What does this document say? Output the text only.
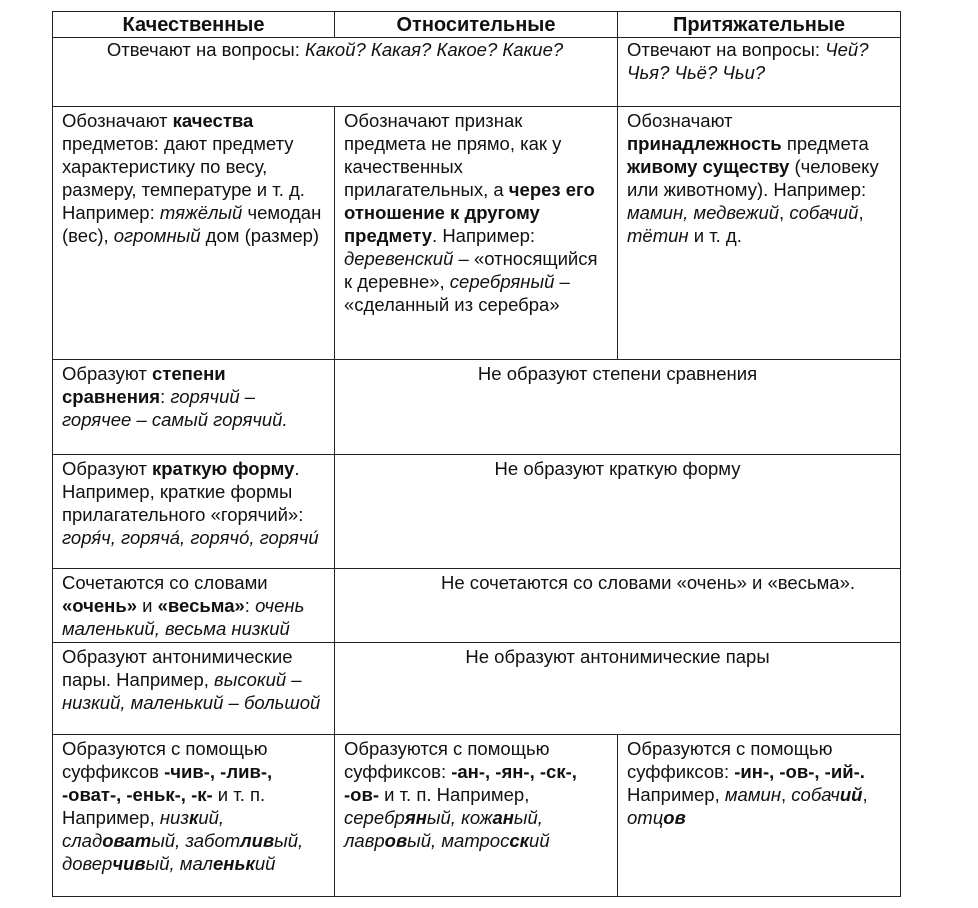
Качественные	Относительные	Притяжательные
Отвечают на вопросы: Какой? Какая? Какое? Какие?		Отвечают на вопросы: Чей? Чья? Чьё? Чьи?
Обозначают качества предметов: дают предмету характеристику по весу, размеру, температуре и т. д. Например: тяжёлый чемодан (вес), огромный дом (размер)	Обозначают признак предмета не прямо, как у качественных прилагательных, а через его отношение к другому предмету. Например: деревенский – «относящийся к деревне», серебряный – «сделанный из серебра»	Обозначают принадлежность предмета живому существу (человеку или животному). Например: мамин, медвежий, собачий, тётин и т. д.
Образуют степени сравнения: горячий – горячее – самый горячий.	Не образуют степени сравнения	
Образуют краткую форму. Например, краткие формы прилагательного «горячий»: горя́ч, горяча́, горячо́, горячи́	Не образуют краткую форму	
Сочетаются со словами «очень» и «весьма»: очень маленький, весьма низкий	Не сочетаются со словами «очень» и «весьма».	
Образуют антонимические пары. Например, высокий – низкий, маленький – большой	Не образуют антонимические пары	
Образуются с помощью суффиксов -чив-, -лив-, -оват-, -еньк-, -к- и т. п. Например, низкий, сладоватый, заботливый, доверчивый, маленький	Образуются с помощью суффиксов: -ан-, -ян-, -ск-, -ов- и т. п. Например, серебряный, кожаный, лавровый, матросский	Образуются с помощью суффиксов: -ин-, -ов-, -ий-. Например, мамин, собачий, отцов
